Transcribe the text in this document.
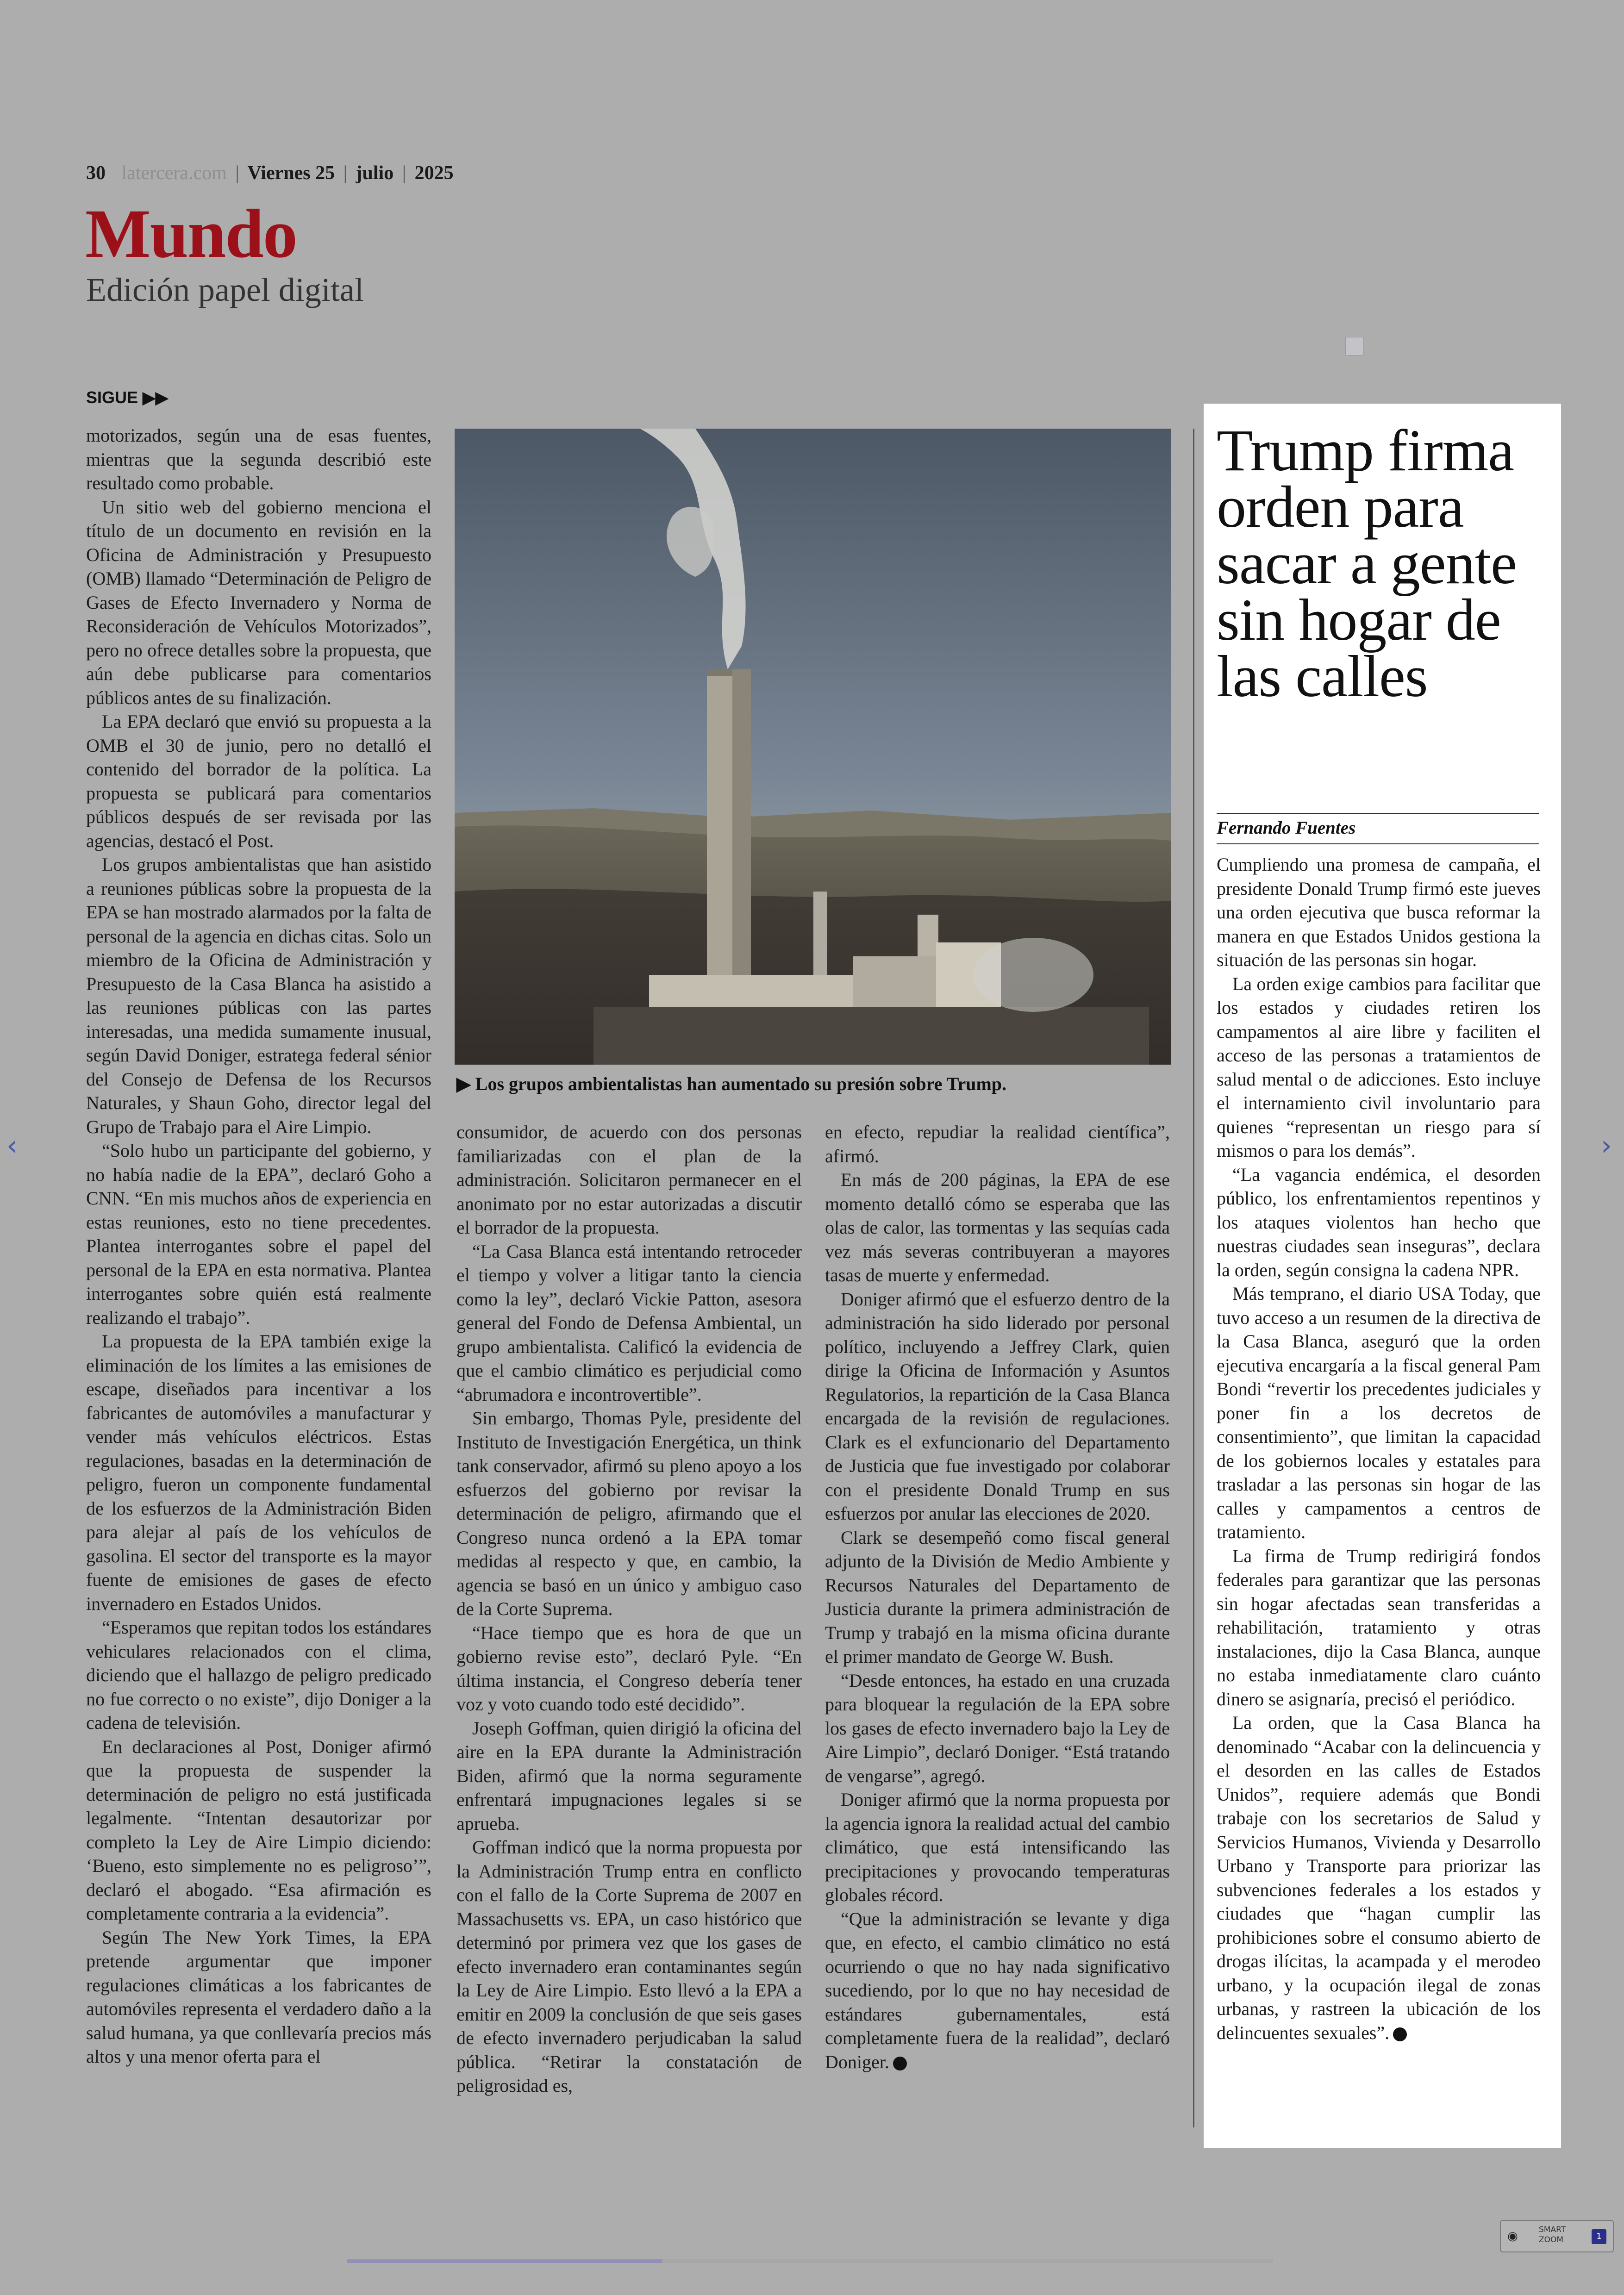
30 latercera.com | Viernes 25 | julio | 2025
Mundo
Edición papel digital
SIGUE ▶▶

motorizados, según una de esas fuentes, mientras que la segunda describió este resultado como probable.

Un sitio web del gobierno menciona el título de un documento en revisión en la Oficina de Administración y Presupuesto (OMB) llamado “Determinación de Peligro de Gases de Efecto Invernadero y Norma de Reconsideración de Vehículos Motorizados”, pero no ofrece detalles sobre la propuesta, que aún debe publicarse para comentarios públicos antes de su finalización.

La EPA declaró que envió su propuesta a la OMB el 30 de junio, pero no detalló el contenido del borrador de la política. La propuesta se publicará para comentarios públicos después de ser revisada por las agencias, destacó el Post.

Los grupos ambientalistas que han asistido a reuniones públicas sobre la propuesta de la EPA se han mostrado alarmados por la falta de personal de la agencia en dichas citas. Solo un miembro de la Oficina de Administración y Presupuesto de la Casa Blanca ha asistido a las reuniones públicas con las partes interesadas, una medida sumamente inusual, según David Doniger, estratega federal sénior del Consejo de Defensa de los Recursos Naturales, y Shaun Goho, director legal del Grupo de Trabajo para el Aire Limpio.

“Solo hubo un participante del gobierno, y no había nadie de la EPA”, declaró Goho a CNN. “En mis muchos años de experiencia en estas reuniones, esto no tiene precedentes. Plantea interrogantes sobre el papel del personal de la EPA en esta normativa. Plantea interrogantes sobre quién está realmente realizando el trabajo”.

La propuesta de la EPA también exige la eliminación de los límites a las emisiones de escape, diseñados para incentivar a los fabricantes de automóviles a manufacturar y vender más vehículos eléctricos. Estas regulaciones, basadas en la determinación de peligro, fueron un componente fundamental de los esfuerzos de la Administración Biden para alejar al país de los vehículos de gasolina. El sector del transporte es la mayor fuente de emisiones de gases de efecto invernadero en Estados Unidos.

“Esperamos que repitan todos los estándares vehiculares relacionados con el clima, diciendo que el hallazgo de peligro predicado no fue correcto o no existe”, dijo Doniger a la cadena de televisión.

En declaraciones al Post, Doniger afirmó que la propuesta de suspender la determinación de peligro no está justificada legalmente. “Intentan desautorizar por completo la Ley de Aire Limpio diciendo: ‘Bueno, esto simplemente no es peligroso’”, declaró el abogado. “Esa afirmación es completamente contraria a la evidencia”.

Según The New York Times, la EPA pretende argumentar que imponer regulaciones climáticas a los fabricantes de automóviles representa el verdadero daño a la salud humana, ya que conllevaría precios más altos y una menor oferta para el

▶ Los grupos ambientalistas han aumentado su presión sobre Trump.

consumidor, de acuerdo con dos personas familiarizadas con el plan de la administración. Solicitaron permanecer en el anonimato por no estar autorizadas a discutir el borrador de la propuesta.

“La Casa Blanca está intentando retroceder el tiempo y volver a litigar tanto la ciencia como la ley”, declaró Vickie Patton, asesora general del Fondo de Defensa Ambiental, un grupo ambientalista. Calificó la evidencia de que el cambio climático es perjudicial como “abrumadora e incontrovertible”.

Sin embargo, Thomas Pyle, presidente del Instituto de Investigación Energética, un think tank conservador, afirmó su pleno apoyo a los esfuerzos del gobierno por revisar la determinación de peligro, afirmando que el Congreso nunca ordenó a la EPA tomar medidas al respecto y que, en cambio, la agencia se basó en un único y ambiguo caso de la Corte Suprema.

“Hace tiempo que es hora de que un gobierno revise esto”, declaró Pyle. “En última instancia, el Congreso debería tener voz y voto cuando todo esté decidido”.

Joseph Goffman, quien dirigió la oficina del aire en la EPA durante la Administración Biden, afirmó que la norma seguramente enfrentará impugnaciones legales si se aprueba.

Goffman indicó que la norma propuesta por la Administración Trump entra en conflicto con el fallo de la Corte Suprema de 2007 en Massachusetts vs. EPA, un caso histórico que determinó por primera vez que los gases de efecto invernadero eran contaminantes según la Ley de Aire Limpio. Esto llevó a la EPA a emitir en 2009 la conclusión de que seis gases de efecto invernadero perjudicaban la salud pública. “Retirar la constatación de peligrosidad es,

en efecto, repudiar la realidad científica”, afirmó.

En más de 200 páginas, la EPA de ese momento detalló cómo se esperaba que las olas de calor, las tormentas y las sequías cada vez más severas contribuyeran a mayores tasas de muerte y enfermedad.

Doniger afirmó que el esfuerzo dentro de la administración ha sido liderado por personal político, incluyendo a Jeffrey Clark, quien dirige la Oficina de Información y Asuntos Regulatorios, la repartición de la Casa Blanca encargada de la revisión de regulaciones. Clark es el exfuncionario del Departamento de Justicia que fue investigado por colaborar con el presidente Donald Trump en sus esfuerzos por anular las elecciones de 2020.

Clark se desempeñó como fiscal general adjunto de la División de Medio Ambiente y Recursos Naturales del Departamento de Justicia durante la primera administración de Trump y trabajó en la misma oficina durante el primer mandato de George W. Bush.

“Desde entonces, ha estado en una cruzada para bloquear la regulación de la EPA sobre los gases de efecto invernadero bajo la Ley de Aire Limpio”, declaró Doniger. “Está tratando de vengarse”, agregó.

Doniger afirmó que la norma propuesta por la agencia ignora la realidad actual del cambio climático, que está intensificando las precipitaciones y provocando temperaturas globales récord.

“Que la administración se levante y diga que, en efecto, el cambio climático no está ocurriendo o que no hay nada significativo sucediendo, por lo que no hay necesidad de estándares gubernamentales, está completamente fuera de la realidad”, declaró Doniger.

Trump firma orden para sacar a gente sin hogar de las calles
Fernando Fuentes

Cumpliendo una promesa de campaña, el presidente Donald Trump firmó este jueves una orden ejecutiva que busca reformar la manera en que Estados Unidos gestiona la situación de las personas sin hogar.

La orden exige cambios para facilitar que los estados y ciudades retiren los campamentos al aire libre y faciliten el acceso de las personas a tratamientos de salud mental o de adicciones. Esto incluye el internamiento civil involuntario para quienes “representan un riesgo para sí mismos o para los demás”.

“La vagancia endémica, el desorden público, los enfrentamientos repentinos y los ataques violentos han hecho que nuestras ciudades sean inseguras”, declara la orden, según consigna la cadena NPR.

Más temprano, el diario USA Today, que tuvo acceso a un resumen de la directiva de la Casa Blanca, aseguró que la orden ejecutiva encargaría a la fiscal general Pam Bondi “revertir los precedentes judiciales y poner fin a los decretos de consentimiento”, que limitan la capacidad de los gobiernos locales y estatales para trasladar a las personas sin hogar de las calles y campamentos a centros de tratamiento.

La firma de Trump redirigirá fondos federales para garantizar que las personas sin hogar afectadas sean transferidas a rehabilitación, tratamiento y otras instalaciones, dijo la Casa Blanca, aunque no estaba inmediatamente claro cuánto dinero se asignaría, precisó el periódico.

La orden, que la Casa Blanca ha denominado “Acabar con la delincuencia y el desorden en las calles de Estados Unidos”, requiere además que Bondi trabaje con los secretarios de Salud y Servicios Humanos, Vivienda y Desarrollo Urbano y Transporte para priorizar las subvenciones federales a los estados y ciudades que “hagan cumplir las prohibiciones sobre el consumo abierto de drogas ilícitas, la acampada y el merodeo urbano, y la ocupación ilegal de zonas urbanas, y rastreen la ubicación de los delincuentes sexuales”.

‹	›
◉	SMART ZOOM	1
